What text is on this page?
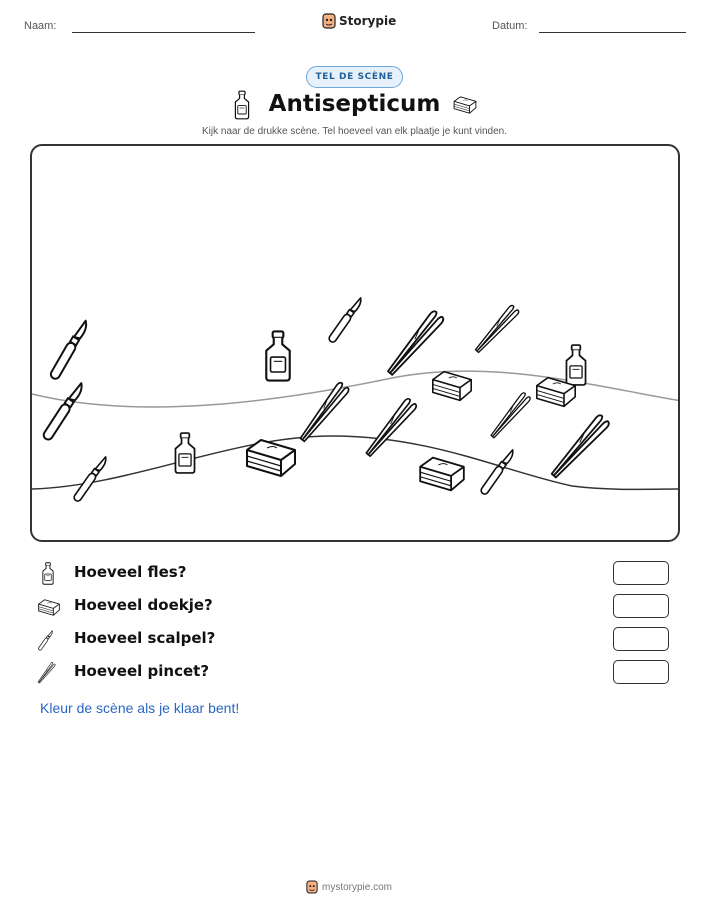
Naam:	Storypie	Datum:
TEL DE SCÈNE
Antisepticum
Kijk naar de drukke scène. Tel hoeveel van elk plaatje je kunt vinden.
Hoeveel fles?
Hoeveel doekje?
Hoeveel scalpel?
Hoeveel pincet?
Kleur de scène als je klaar bent!
mystorypie.com
